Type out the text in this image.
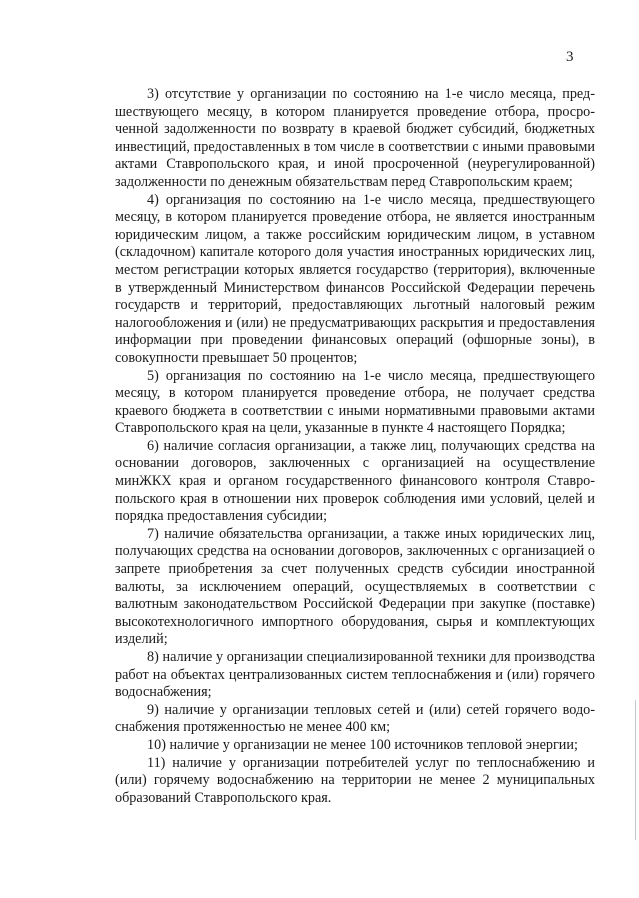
3

3) отсутствие у организации по состоянию на 1-е число месяца, предшествующего месяцу, в котором планируется проведение отбора, просроченной задолженности по возврату в краевой бюджет субсидий, бюджетных инвестиций, предоставленных в том числе в соответствии с иными правовыми актами Ставропольского края, и иной просроченной (неурегулированной) задолженности по денежным обязательствам перед Ставропольским краем;

4) организация по состоянию на 1-е число месяца, предшествующего месяцу, в котором планируется проведение отбора, не является иностранным юридическим лицом, а также российским юридическим лицом, в уставном (складочном) капитале которого доля участия иностранных юридических лиц, местом регистрации которых является государство (территория), включенные в утвержденный Министерством финансов Российской Федерации перечень государств и территорий, предоставляющих льготный налоговый режим налогообложения и (или) не предусматривающих раскрытия и предоставления информации при проведении финансовых операций (офшорные зоны), в совокупности превышает 50 процентов;

5) организация по состоянию на 1-е число месяца, предшествующего месяцу, в котором планируется проведение отбора, не получает средства краевого бюджета в соответствии с иными нормативными правовыми актами Ставропольского края на цели, указанные в пункте 4 настоящего Порядка;

6) наличие согласия организации, а также лиц, получающих средства на основании договоров, заключенных с организацией на осуществление минЖКХ края и органом государственного финансового контроля Ставропольского края в отношении них проверок соблюдения ими условий, целей и порядка предоставления субсидии;

7) наличие обязательства организации, а также иных юридических лиц, получающих средства на основании договоров, заключенных с организацией о запрете приобретения за счет полученных средств субсидии иностранной валюты, за исключением операций, осуществляемых в соответствии с валютным законодательством Российской Федерации при закупке (поставке) высокотехнологичного импортного оборудования, сырья и комплектующих изделий;

8) наличие у организации специализированной техники для производства работ на объектах централизованных систем теплоснабжения и (или) горячего водоснабжения;

9) наличие у организации тепловых сетей и (или) сетей горячего водоснабжения протяженностью не менее 400 км;

10) наличие у организации не менее 100 источников тепловой энергии;

11) наличие у организации потребителей услуг по теплоснабжению и (или) горячему водоснабжению на территории не менее 2 муниципальных образований Ставропольского края.
